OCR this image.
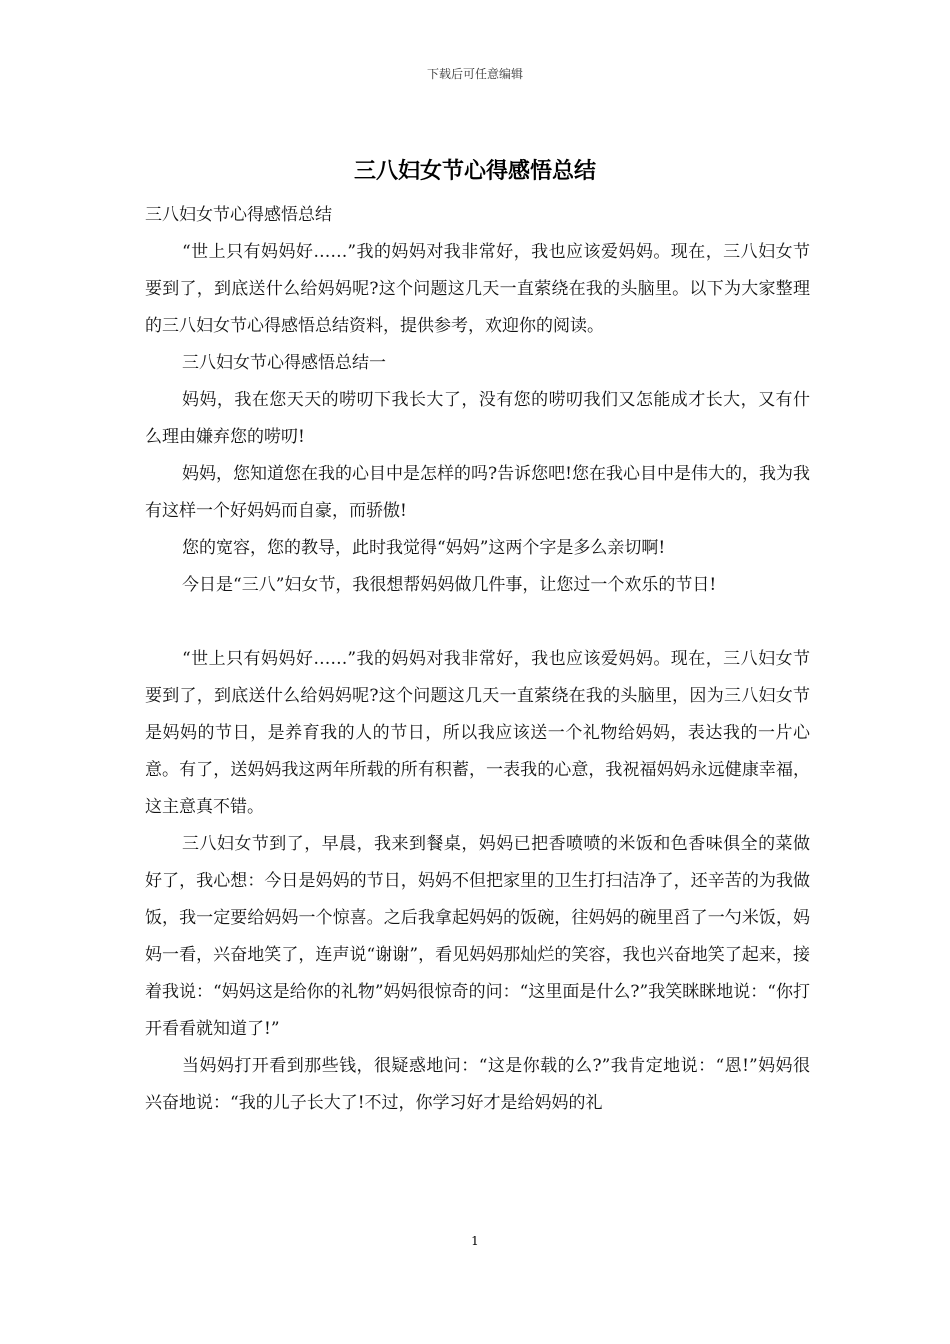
下载后可任意编辑
三八妇女节心得感悟总结

三八妇女节心得感悟总结

“世上只有妈妈好……”我的妈妈对我非常好，我也应该爱妈妈。现在，三八妇女节要到了，到底送什么给妈妈呢?这个问题这几天一直萦绕在我的头脑里。以下为大家整理的三八妇女节心得感悟总结资料，提供参考，欢迎你的阅读。

三八妇女节心得感悟总结一

妈妈，我在您天天的唠叨下我长大了，没有您的唠叨我们又怎能成才长大，又有什么理由嫌弃您的唠叨!

妈妈，您知道您在我的心目中是怎样的吗?告诉您吧!您在我心目中是伟大的，我为我有这样一个好妈妈而自豪，而骄傲!

您的宽容，您的教导，此时我觉得“妈妈”这两个字是多么亲切啊!

今日是“三八”妇女节，我很想帮妈妈做几件事，让您过一个欢乐的节日!

“世上只有妈妈好……”我的妈妈对我非常好，我也应该爱妈妈。现在，三八妇女节要到了，到底送什么给妈妈呢?这个问题这几天一直萦绕在我的头脑里，因为三八妇女节是妈妈的节日，是养育我的人的节日，所以我应该送一个礼物给妈妈，表达我的一片心意。有了，送妈妈我这两年所载的所有积蓄，一表我的心意，我祝福妈妈永远健康幸福，这主意真不错。

三八妇女节到了，早晨，我来到餐桌，妈妈已把香喷喷的米饭和色香味俱全的菜做好了，我心想：今日是妈妈的节日，妈妈不但把家里的卫生打扫洁净了，还辛苦的为我做饭，我一定要给妈妈一个惊喜。之后我拿起妈妈的饭碗，往妈妈的碗里舀了一勺米饭，妈妈一看，兴奋地笑了，连声说“谢谢”，看见妈妈那灿烂的笑容，我也兴奋地笑了起来，接着我说：“妈妈这是给你的礼物”妈妈很惊奇的问：“这里面是什么?”我笑眯眯地说：“你打开看看就知道了!”

当妈妈打开看到那些钱，很疑惑地问：“这是你载的么?”我肯定地说：“恩!”妈妈很兴奋地说：“我的儿子长大了!不过，你学习好才是给妈妈的礼

1
